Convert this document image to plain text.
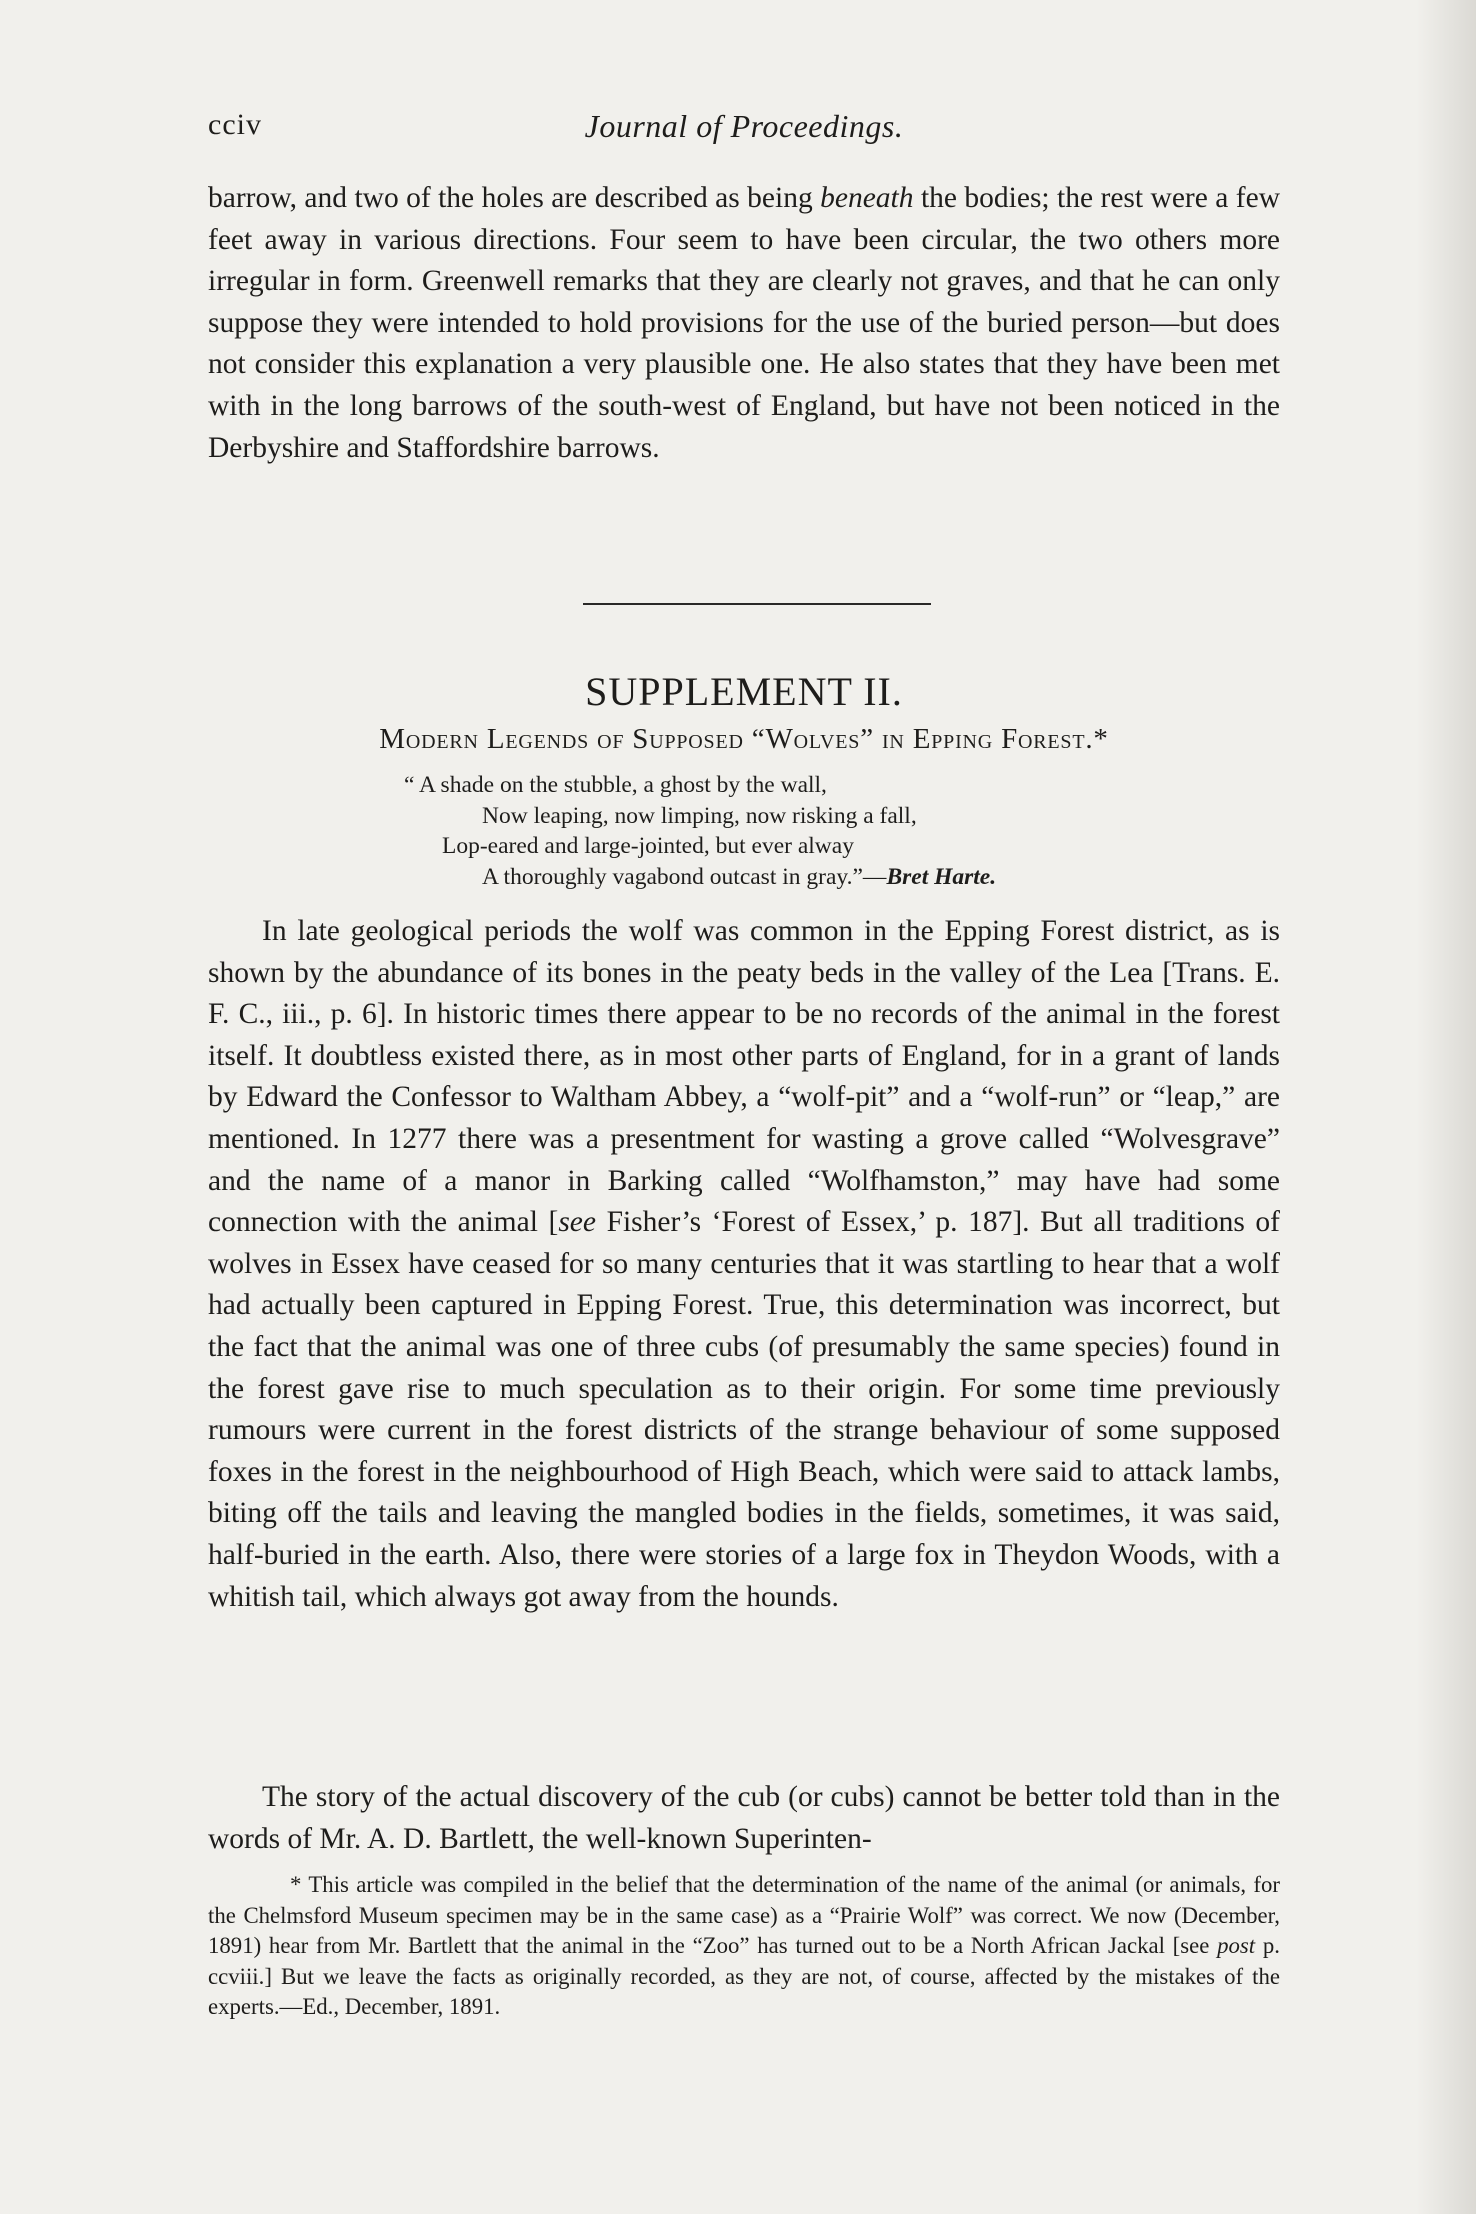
cciv	Journal of Proceedings.

barrow, and two of the holes are described as being beneath the bodies; the rest were a few feet away in various directions. Four seem to have been circular, the two others more irregular in form. Greenwell remarks that they are clearly not graves, and that he can only suppose they were intended to hold provisions for the use of the buried person—but does not consider this explanation a very plausible one. He also states that they have been met with in the long barrows of the south-west of England, but have not been noticed in the Derbyshire and Staffordshire barrows.

SUPPLEMENT II.
Modern Legends of Supposed “Wolves” in Epping Forest.*
“ A shade on the stubble, a ghost by the wall,
Now leaping, now limping, now risking a fall,
Lop-eared and large-jointed, but ever alway
A thoroughly vagabond outcast in gray.”—Bret Harte.

In late geological periods the wolf was common in the Epping Forest district, as is shown by the abundance of its bones in the peaty beds in the valley of the Lea [Trans. E. F. C., iii., p. 6]. In historic times there appear to be no records of the animal in the forest itself. It doubtless existed there, as in most other parts of England, for in a grant of lands by Edward the Confessor to Waltham Abbey, a “wolf-pit” and a “wolf-run” or “leap,” are mentioned. In 1277 there was a presentment for wasting a grove called “Wolvesgrave” and the name of a manor in Barking called “Wolfhamston,” may have had some connection with the animal [see Fisher’s ‘Forest of Essex,’ p. 187]. But all traditions of wolves in Essex have ceased for so many centuries that it was startling to hear that a wolf had actually been captured in Epping Forest. True, this determination was incorrect, but the fact that the animal was one of three cubs (of presumably the same species) found in the forest gave rise to much speculation as to their origin. For some time previously rumours were current in the forest districts of the strange behaviour of some supposed foxes in the forest in the neighbourhood of High Beach, which were said to attack lambs, biting off the tails and leaving the mangled bodies in the fields, sometimes, it was said, half-buried in the earth. Also, there were stories of a large fox in Theydon Woods, with a whitish tail, which always got away from the hounds.

The story of the actual discovery of the cub (or cubs) cannot be better told than in the words of Mr. A. D. Bartlett, the well-known Superinten-

* This article was compiled in the belief that the determination of the name of the animal (or animals, for the Chelmsford Museum specimen may be in the same case) as a “Prairie Wolf” was correct. We now (December, 1891) hear from Mr. Bartlett that the animal in the “Zoo” has turned out to be a North African Jackal [see post p. ccviii.] But we leave the facts as originally recorded, as they are not, of course, affected by the mistakes of the experts.—Ed., December, 1891.
